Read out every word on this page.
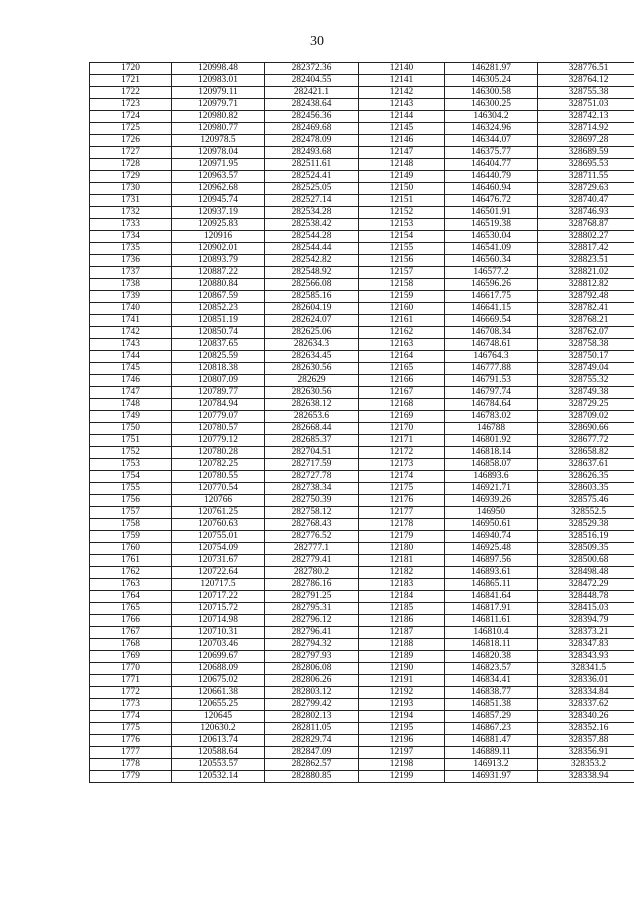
30
1720	120998.48	282372.36	12140	146281.97	328776.51
1721	120983.01	282404.55	12141	146305.24	328764.12
1722	120979.11	282421.1	12142	146300.58	328755.38
1723	120979.71	282438.64	12143	146300.25	328751.03
1724	120980.82	282456.36	12144	146304.2	328742.13
1725	120980.77	282469.68	12145	146324.96	328714.92
1726	120978.5	282478.09	12146	146344.07	328697.28
1727	120978.04	282493.68	12147	146375.77	328689.59
1728	120971.95	282511.61	12148	146404.77	328695.53
1729	120963.57	282524.41	12149	146440.79	328711.55
1730	120962.68	282525.05	12150	146460.94	328729.63
1731	120945.74	282527.14	12151	146476.72	328740.47
1732	120937.19	282534.28	12152	146501.91	328746.93
1733	120925.83	282538.42	12153	146519.38	328768.87
1734	120916	282544.28	12154	146530.04	328802.27
1735	120902.01	282544.44	12155	146541.09	328817.42
1736	120893.79	282542.82	12156	146560.34	328823.51
1737	120887.22	282548.92	12157	146577.2	328821.02
1738	120880.84	282566.08	12158	146596.26	328812.82
1739	120867.59	282585.16	12159	146617.75	328792.48
1740	120852.23	282604.19	12160	146641.15	328782.41
1741	120851.19	282624.07	12161	146669.54	328768.21
1742	120850.74	282625.06	12162	146708.34	328762.07
1743	120837.65	282634.3	12163	146748.61	328758.38
1744	120825.59	282634.45	12164	146764.3	328750.17
1745	120818.38	282630.56	12165	146777.88	328749.04
1746	120807.09	282629	12166	146791.53	328755.32
1747	120789.77	282630.56	12167	146797.74	328749.38
1748	120784.94	282638.12	12168	146784.64	328729.25
1749	120779.07	282653.6	12169	146783.02	328709.02
1750	120780.57	282668.44	12170	146788	328690.66
1751	120779.12	282685.37	12171	146801.92	328677.72
1752	120780.28	282704.51	12172	146818.14	328658.82
1753	120782.25	282717.59	12173	146858.07	328637.61
1754	120780.55	282727.78	12174	146893.6	328626.35
1755	120770.54	282738.34	12175	146921.71	328603.35
1756	120766	282750.39	12176	146939.26	328575.46
1757	120761.25	282758.12	12177	146950	328552.5
1758	120760.63	282768.43	12178	146950.61	328529.38
1759	120755.01	282776.52	12179	146940.74	328516.19
1760	120754.09	282777.1	12180	146925.48	328509.35
1761	120731.67	282779.41	12181	146897.56	328500.68
1762	120722.64	282780.2	12182	146893.61	328498.48
1763	120717.5	282786.16	12183	146865.11	328472.29
1764	120717.22	282791.25	12184	146841.64	328448.78
1765	120715.72	282795.31	12185	146817.91	328415.03
1766	120714.98	282796.12	12186	146811.61	328394.79
1767	120710.31	282796.41	12187	146810.4	328373.21
1768	120703.46	282794.32	12188	146818.11	328347.83
1769	120699.67	282797.93	12189	146820.38	328343.93
1770	120688.09	282806.08	12190	146823.57	328341.5
1771	120675.02	282806.26	12191	146834.41	328336.01
1772	120661.38	282803.12	12192	146838.77	328334.84
1773	120655.25	282799.42	12193	146851.38	328337.62
1774	120645	282802.13	12194	146857.29	328340.26
1775	120630.2	282811.05	12195	146867.23	328352.16
1776	120613.74	282829.74	12196	146881.47	328357.88
1777	120588.64	282847.09	12197	146889.11	328356.91
1778	120553.57	282862.57	12198	146913.2	328353.2
1779	120532.14	282880.85	12199	146931.97	328338.94
